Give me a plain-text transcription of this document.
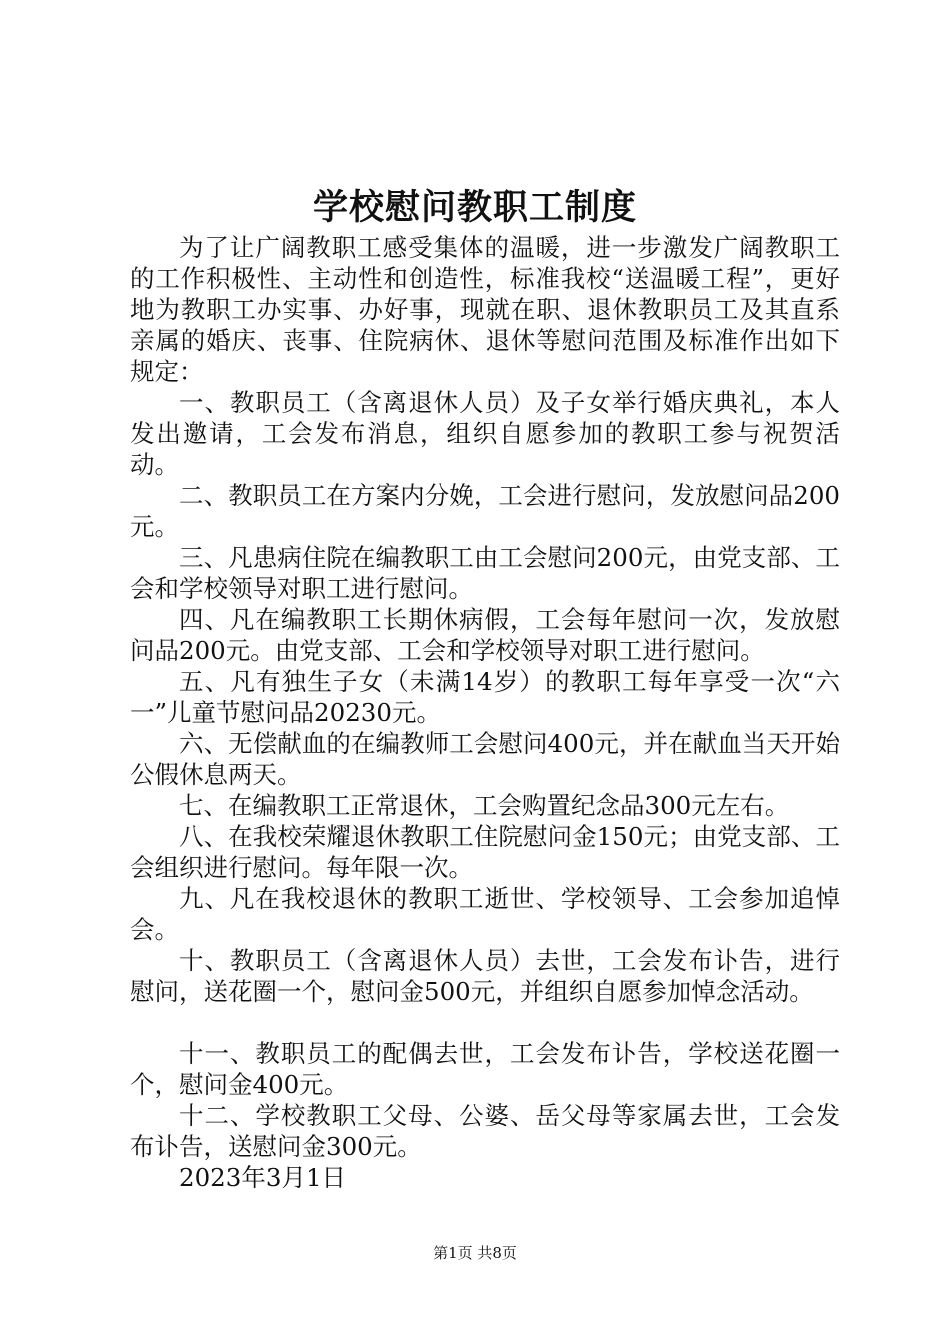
学校慰问教职工制度

为了让广阔教职工感受集体的温暖，进一步激发广阔教职工的工作积极性、主动性和创造性，标准我校“送温暖工程”，更好地为教职工办实事、办好事，现就在职、退休教职员工及其直系亲属的婚庆、丧事、住院病休、退休等慰问范围及标准作出如下规定：

一、教职员工（含离退休人员）及子女举行婚庆典礼，本人发出邀请，工会发布消息，组织自愿参加的教职工参与祝贺活动。

二、教职员工在方案内分娩，工会进行慰问，发放慰问品200元。

三、凡患病住院在编教职工由工会慰问200元，由党支部、工会和学校领导对职工进行慰问。

四、凡在编教职工长期休病假，工会每年慰问一次，发放慰问品200元。由党支部、工会和学校领导对职工进行慰问。

五、凡有独生子女（未满14岁）的教职工每年享受一次“六一”儿童节慰问品20230元。

六、无偿献血的在编教师工会慰问400元，并在献血当天开始公假休息两天。

七、在编教职工正常退休，工会购置纪念品300元左右。

八、在我校荣耀退休教职工住院慰问金150元；由党支部、工会组织进行慰问。每年限一次。

九、凡在我校退休的教职工逝世、学校领导、工会参加追悼会。

十、教职员工（含离退休人员）去世，工会发布讣告，进行慰问，送花圈一个，慰问金500元，并组织自愿参加悼念活动。

十一、教职员工的配偶去世，工会发布讣告，学校送花圈一个，慰问金400元。

十二、学校教职工父母、公婆、岳父母等家属去世，工会发布讣告，送慰问金300元。

2023年3月1日

第1页 共8页
